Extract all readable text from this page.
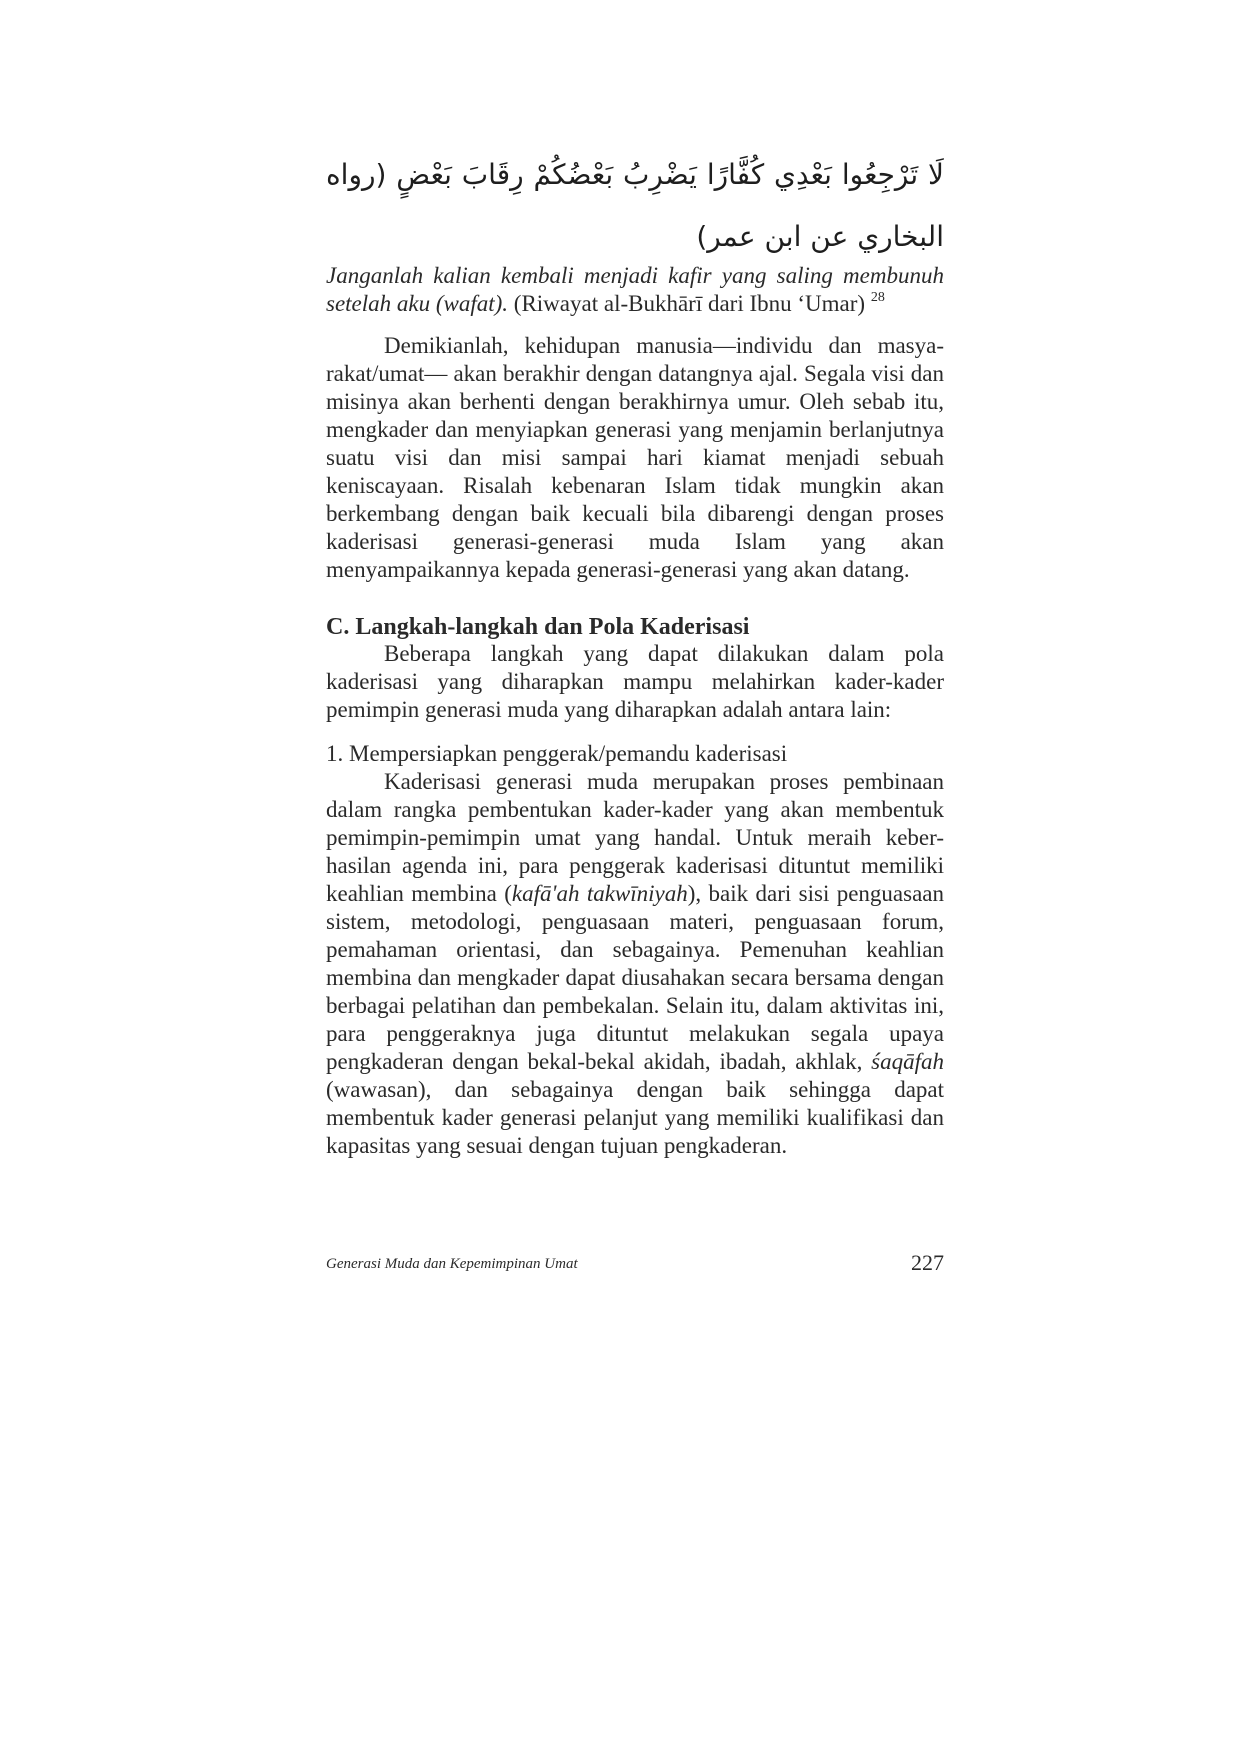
لَا تَرْجِعُوا بَعْدِي كُفَّارًا يَضْرِبُ بَعْضُكُمْ رِقَابَ بَعْضٍ (رواه البخاري عن ابن عمر)
Janganlah kalian kembali menjadi kafir yang saling membunuh setelah aku (wafat). (Riwayat al-Bukhārī dari Ibnu ‘Umar) $^{28}$

Demikianlah, kehidupan manusia—individu dan masya-rakat/umat— akan berakhir dengan datangnya ajal. Segala visi dan misinya akan berhenti dengan berakhirnya umur. Oleh sebab itu, mengkader dan menyiapkan generasi yang menjamin berlanjutnya suatu visi dan misi sampai hari kiamat menjadi sebuah keniscayaan. Risalah kebenaran Islam tidak mungkin akan berkembang dengan baik kecuali bila dibarengi dengan proses kaderisasi generasi-generasi muda Islam yang akan menyampaikannya kepada generasi-generasi yang akan datang.

C. Langkah-langkah dan Pola Kaderisasi

Beberapa langkah yang dapat dilakukan dalam pola kaderisasi yang diharapkan mampu melahirkan kader-kader pemimpin generasi muda yang diharapkan adalah antara lain:

1. Mempersiapkan penggerak/pemandu kaderisasi

Kaderisasi generasi muda merupakan proses pembinaan dalam rangka pembentukan kader-kader yang akan membentuk pemimpin-pemimpin umat yang handal. Untuk meraih keber-hasilan agenda ini, para penggerak kaderisasi dituntut memiliki keahlian membina (kafā'ah takwīniyah), baik dari sisi penguasaan sistem, metodologi, penguasaan materi, penguasaan forum, pemahaman orientasi, dan sebagainya. Pemenuhan keahlian membina dan mengkader dapat diusahakan secara bersama dengan berbagai pelatihan dan pembekalan. Selain itu, dalam aktivitas ini, para penggeraknya juga dituntut melakukan segala upaya pengkaderan dengan bekal-bekal akidah, ibadah, akhlak, śaqāfah (wawasan), dan sebagainya dengan baik sehingga dapat membentuk kader generasi pelanjut yang memiliki kualifikasi dan kapasitas yang sesuai dengan tujuan pengkaderan.

Generasi Muda dan Kepemimpinan Umat	227
